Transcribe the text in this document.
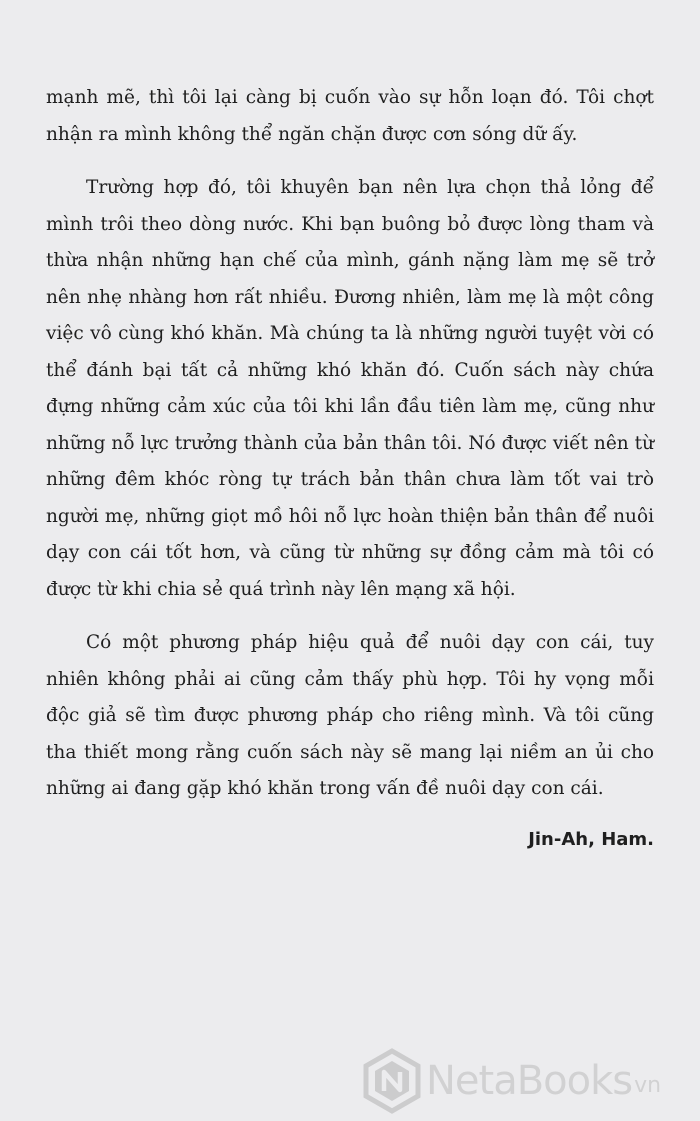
mạnh mẽ, thì tôi lại càng bị cuốn vào sự hỗn loạn đó. Tôi chợt nhận ra mình không thể ngăn chặn được cơn sóng dữ ấy.

Trường hợp đó, tôi khuyên bạn nên lựa chọn thả lỏng để mình trôi theo dòng nước. Khi bạn buông bỏ được lòng tham và thừa nhận những hạn chế của mình, gánh nặng làm mẹ sẽ trở nên nhẹ nhàng hơn rất nhiều. Đương nhiên, làm mẹ là một công việc vô cùng khó khăn. Mà chúng ta là những người tuyệt vời có thể đánh bại tất cả những khó khăn đó. Cuốn sách này chứa đựng những cảm xúc của tôi khi lần đầu tiên làm mẹ, cũng như những nỗ lực trưởng thành của bản thân tôi. Nó được viết nên từ những đêm khóc ròng tự trách bản thân chưa làm tốt vai trò người mẹ, những giọt mồ hôi nỗ lực hoàn thiện bản thân để nuôi dạy con cái tốt hơn, và cũng từ những sự đồng cảm mà tôi có được từ khi chia sẻ quá trình này lên mạng xã hội.

Có một phương pháp hiệu quả để nuôi dạy con cái, tuy nhiên không phải ai cũng cảm thấy phù hợp. Tôi hy vọng mỗi độc giả sẽ tìm được phương pháp cho riêng mình. Và tôi cũng tha thiết mong rằng cuốn sách này sẽ mang lại niềm an ủi cho những ai đang gặp khó khăn trong vấn đề nuôi dạy con cái.

Jin-Ah, Ham.
NetaBooks vn
